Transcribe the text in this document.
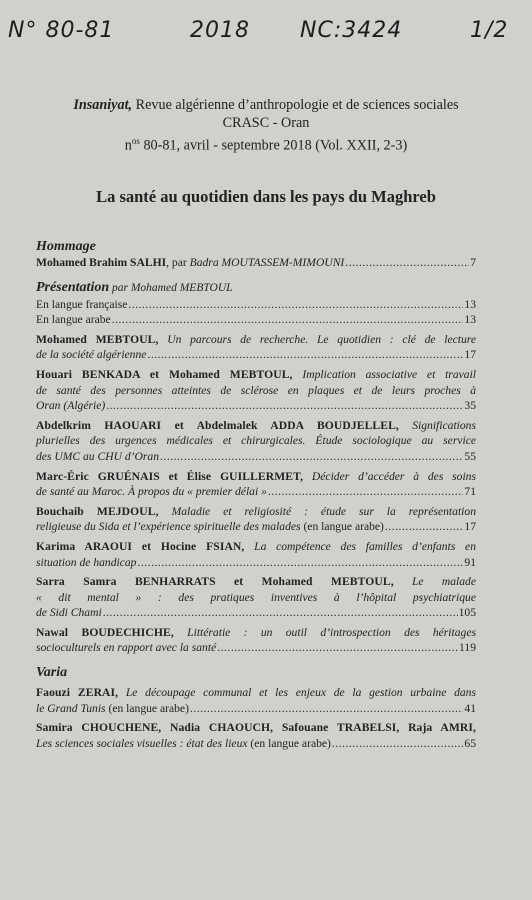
N° 80-81	2018 NC:3424	1/2
Insaniyat, Revue algérienne d’anthropologie et de sciences sociales
CRASC - Oran
$n^{os}$ 80-81, avril - septembre 2018 (Vol. XXII, 2-3)
La santé au quotidien dans les pays du Maghreb
Hommage
Mohamed Brahim SALHI, par Badra MOUTASSEM-MIMOUNI .....	7
Présentation par Mohamed MEBTOUL
En langue française .....	13
En langue arabe .....	13
Mohamed MEBTOUL, Un parcours de recherche. Le quotidien : clé de lecture
de la société algérienne .....	17
Houari BENKADA et Mohamed MEBTOUL, Implication associative et travail
de santé des personnes atteintes de sclérose en plaques et de leurs proches à
Oran (Algérie) .....	35
Abdelkrim HAOUARI et Abdelmalek ADDA BOUDJELLEL, Significations
plurielles des urgences médicales et chirurgicales. Étude sociologique au service
des UMC au CHU d’Oran .....	55
Marc-Éric GRUÉNAIS et Élise GUILLERMET, Décider d’accéder à des soins
de santé au Maroc. À propos du « premier délai » .....	71
Bouchaib MEJDOUL, Maladie et religiosité : étude sur la représentation
religieuse du Sida et l’expérience spirituelle des malades (en langue arabe) .....	17
Karima ARAOUI et Hocine FSIAN, La compétence des familles d’enfants en
situation de handicap .....	91
Sarra Samra BENHARRATS et Mohamed MEBTOUL, Le malade
« dit mental » : des pratiques inventives à l’hôpital psychiatrique
de Sidi Chami .....	105
Nawal BOUDECHICHE, Littératie : un outil d’introspection des héritages
socioculturels en rapport avec la santé .....	119
Varia
Faouzi ZERAI, Le découpage communal et les enjeux de la gestion urbaine dans
le Grand Tunis (en langue arabe) .....	41
Samira CHOUCHENE, Nadia CHAOUCH, Safouane TRABELSI, Raja AMRI,
Les sciences sociales visuelles : état des lieux (en langue arabe) .....	65
